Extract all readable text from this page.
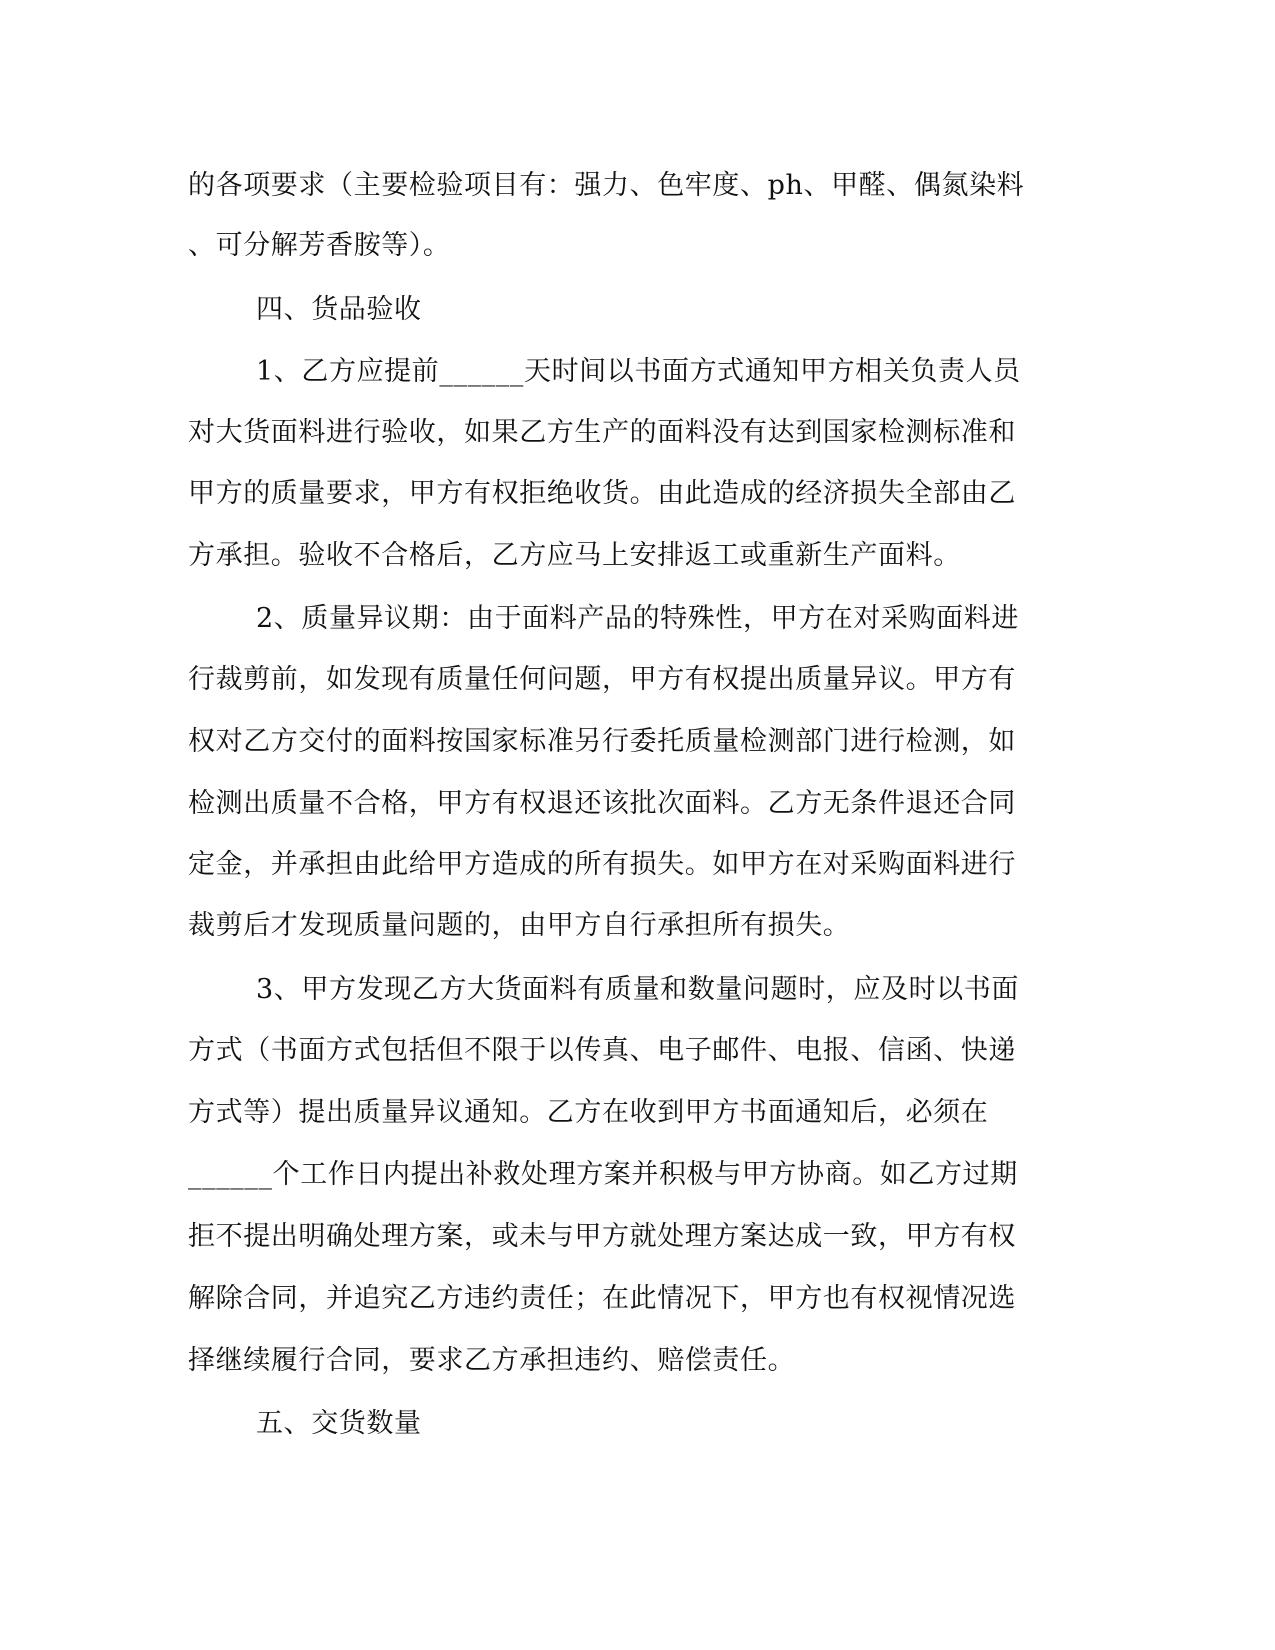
的各项要求（主要检验项目有：强力、色牢度、ph、甲醛、偶氮染料
、可分解芳香胺等）。
四、货品验收
1、乙方应提前______天时间以书面方式通知甲方相关负责人员
对大货面料进行验收，如果乙方生产的面料没有达到国家检测标准和
甲方的质量要求，甲方有权拒绝收货。由此造成的经济损失全部由乙
方承担。验收不合格后，乙方应马上安排返工或重新生产面料。
2、质量异议期：由于面料产品的特殊性，甲方在对采购面料进
行裁剪前，如发现有质量任何问题，甲方有权提出质量异议。甲方有
权对乙方交付的面料按国家标准另行委托质量检测部门进行检测，如
检测出质量不合格，甲方有权退还该批次面料。乙方无条件退还合同
定金，并承担由此给甲方造成的所有损失。如甲方在对采购面料进行
裁剪后才发现质量问题的，由甲方自行承担所有损失。
3、甲方发现乙方大货面料有质量和数量问题时，应及时以书面
方式（书面方式包括但不限于以传真、电子邮件、电报、信函、快递
方式等）提出质量异议通知。乙方在收到甲方书面通知后，必须在
______个工作日内提出补救处理方案并积极与甲方协商。如乙方过期
拒不提出明确处理方案，或未与甲方就处理方案达成一致，甲方有权
解除合同，并追究乙方违约责任；在此情况下，甲方也有权视情况选
择继续履行合同，要求乙方承担违约、赔偿责任。
五、交货数量
